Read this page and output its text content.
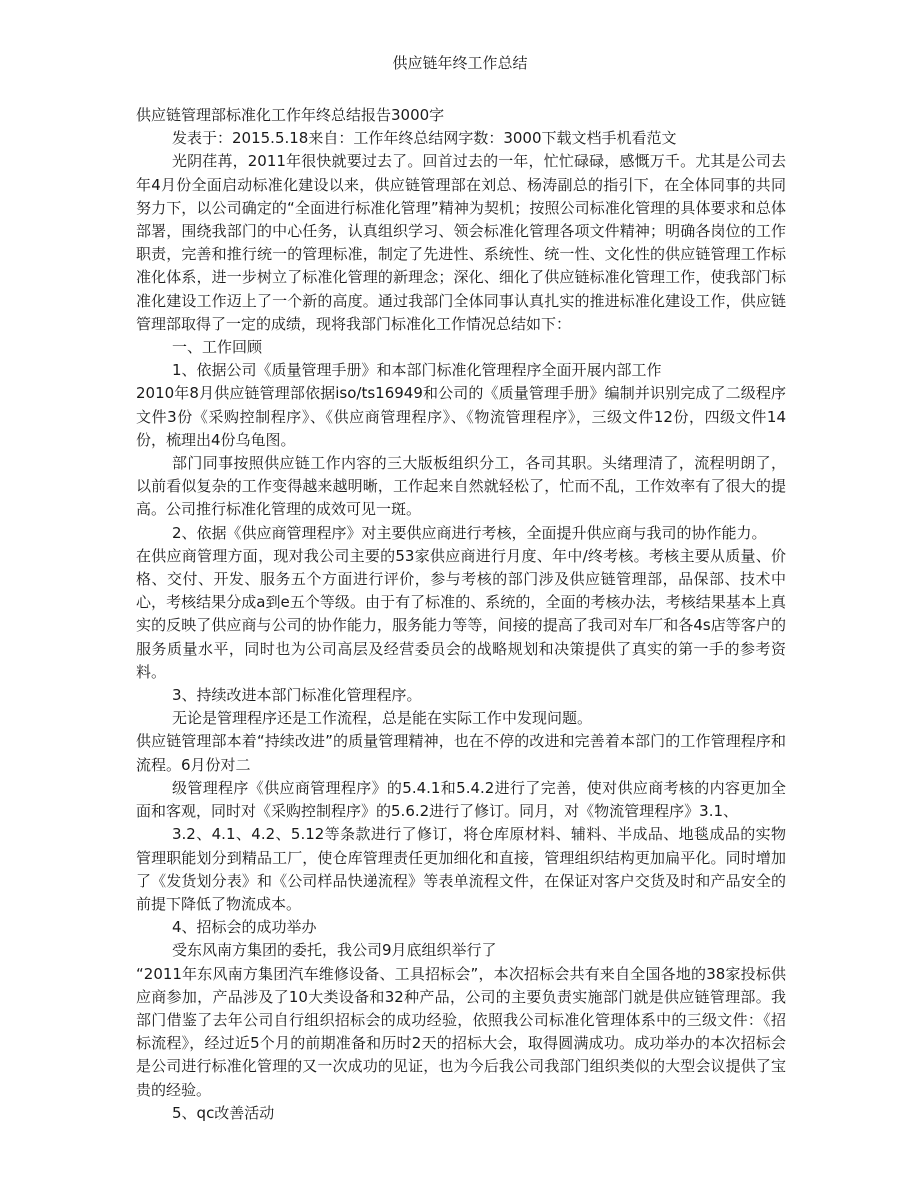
供应链年终工作总结

供应链管理部标准化工作年终总结报告3000字

发表于：2015.5.18来自：工作年终总结网字数：3000下载文档手机看范文

光阴荏苒，2011年很快就要过去了。回首过去的一年，忙忙碌碌，感慨万千。尤其是公司去年4月份全面启动标准化建设以来，供应链管理部在刘总、杨涛副总的指引下，在全体同事的共同努力下，以公司确定的“全面进行标准化管理”精神为契机；按照公司标准化管理的具体要求和总体部署，围绕我部门的中心任务，认真组织学习、领会标准化管理各项文件精神；明确各岗位的工作职责，完善和推行统一的管理标准，制定了先进性、系统性、统一性、文化性的供应链管理工作标准化体系，进一步树立了标准化管理的新理念；深化、细化了供应链标准化管理工作，使我部门标准化建设工作迈上了一个新的高度。通过我部门全体同事认真扎实的推进标准化建设工作，供应链管理部取得了一定的成绩，现将我部门标准化工作情况总结如下：

一、工作回顾

1、依据公司《质量管理手册》和本部门标准化管理程序全面开展内部工作

2010年8月供应链管理部依据iso/ts16949和公司的《质量管理手册》编制并识别完成了二级程序文件3份《采购控制程序》、《供应商管理程序》、《物流管理程序》，三级文件12份，四级文件14份，梳理出4份乌龟图。

部门同事按照供应链工作内容的三大版板组织分工，各司其职。头绪理清了，流程明朗了，以前看似复杂的工作变得越来越明晰，工作起来自然就轻松了，忙而不乱，工作效率有了很大的提高。公司推行标准化管理的成效可见一斑。

2、依据《供应商管理程序》对主要供应商进行考核，全面提升供应商与我司的协作能力。

在供应商管理方面，现对我公司主要的53家供应商进行月度、年中/终考核。考核主要从质量、价格、交付、开发、服务五个方面进行评价，参与考核的部门涉及供应链管理部，品保部、技术中心，考核结果分成a到e五个等级。由于有了标准的、系统的，全面的考核办法，考核结果基本上真实的反映了供应商与公司的协作能力，服务能力等等，间接的提高了我司对车厂和各4s店等客户的服务质量水平，同时也为公司高层及经营委员会的战略规划和决策提供了真实的第一手的参考资料。

3、持续改进本部门标准化管理程序。

无论是管理程序还是工作流程，总是能在实际工作中发现问题。

供应链管理部本着“持续改进”的质量管理精神，也在不停的改进和完善着本部门的工作管理程序和流程。6月份对二

级管理程序《供应商管理程序》的5.4.1和5.4.2进行了完善，使对供应商考核的内容更加全面和客观，同时对《采购控制程序》的5.6.2进行了修订。同月，对《物流管理程序》3.1、

3.2、4.1、4.2、5.12等条款进行了修订，将仓库原材料、辅料、半成品、地毯成品的实物管理职能划分到精品工厂，使仓库管理责任更加细化和直接，管理组织结构更加扁平化。同时增加了《发货划分表》和《公司样品快递流程》等表单流程文件，在保证对客户交货及时和产品安全的前提下降低了物流成本。

4、招标会的成功举办

受东风南方集团的委托，我公司9月底组织举行了

“2011年东风南方集团汽车维修设备、工具招标会”，本次招标会共有来自全国各地的38家投标供应商参加，产品涉及了10大类设备和32种产品，公司的主要负责实施部门就是供应链管理部。我部门借鉴了去年公司自行组织招标会的成功经验，依照我公司标准化管理体系中的三级文件：《招标流程》，经过近5个月的前期准备和历时2天的招标大会，取得圆满成功。成功举办的本次招标会是公司进行标准化管理的又一次成功的见证，也为今后我公司我部门组织类似的大型会议提供了宝贵的经验。

5、qc改善活动
